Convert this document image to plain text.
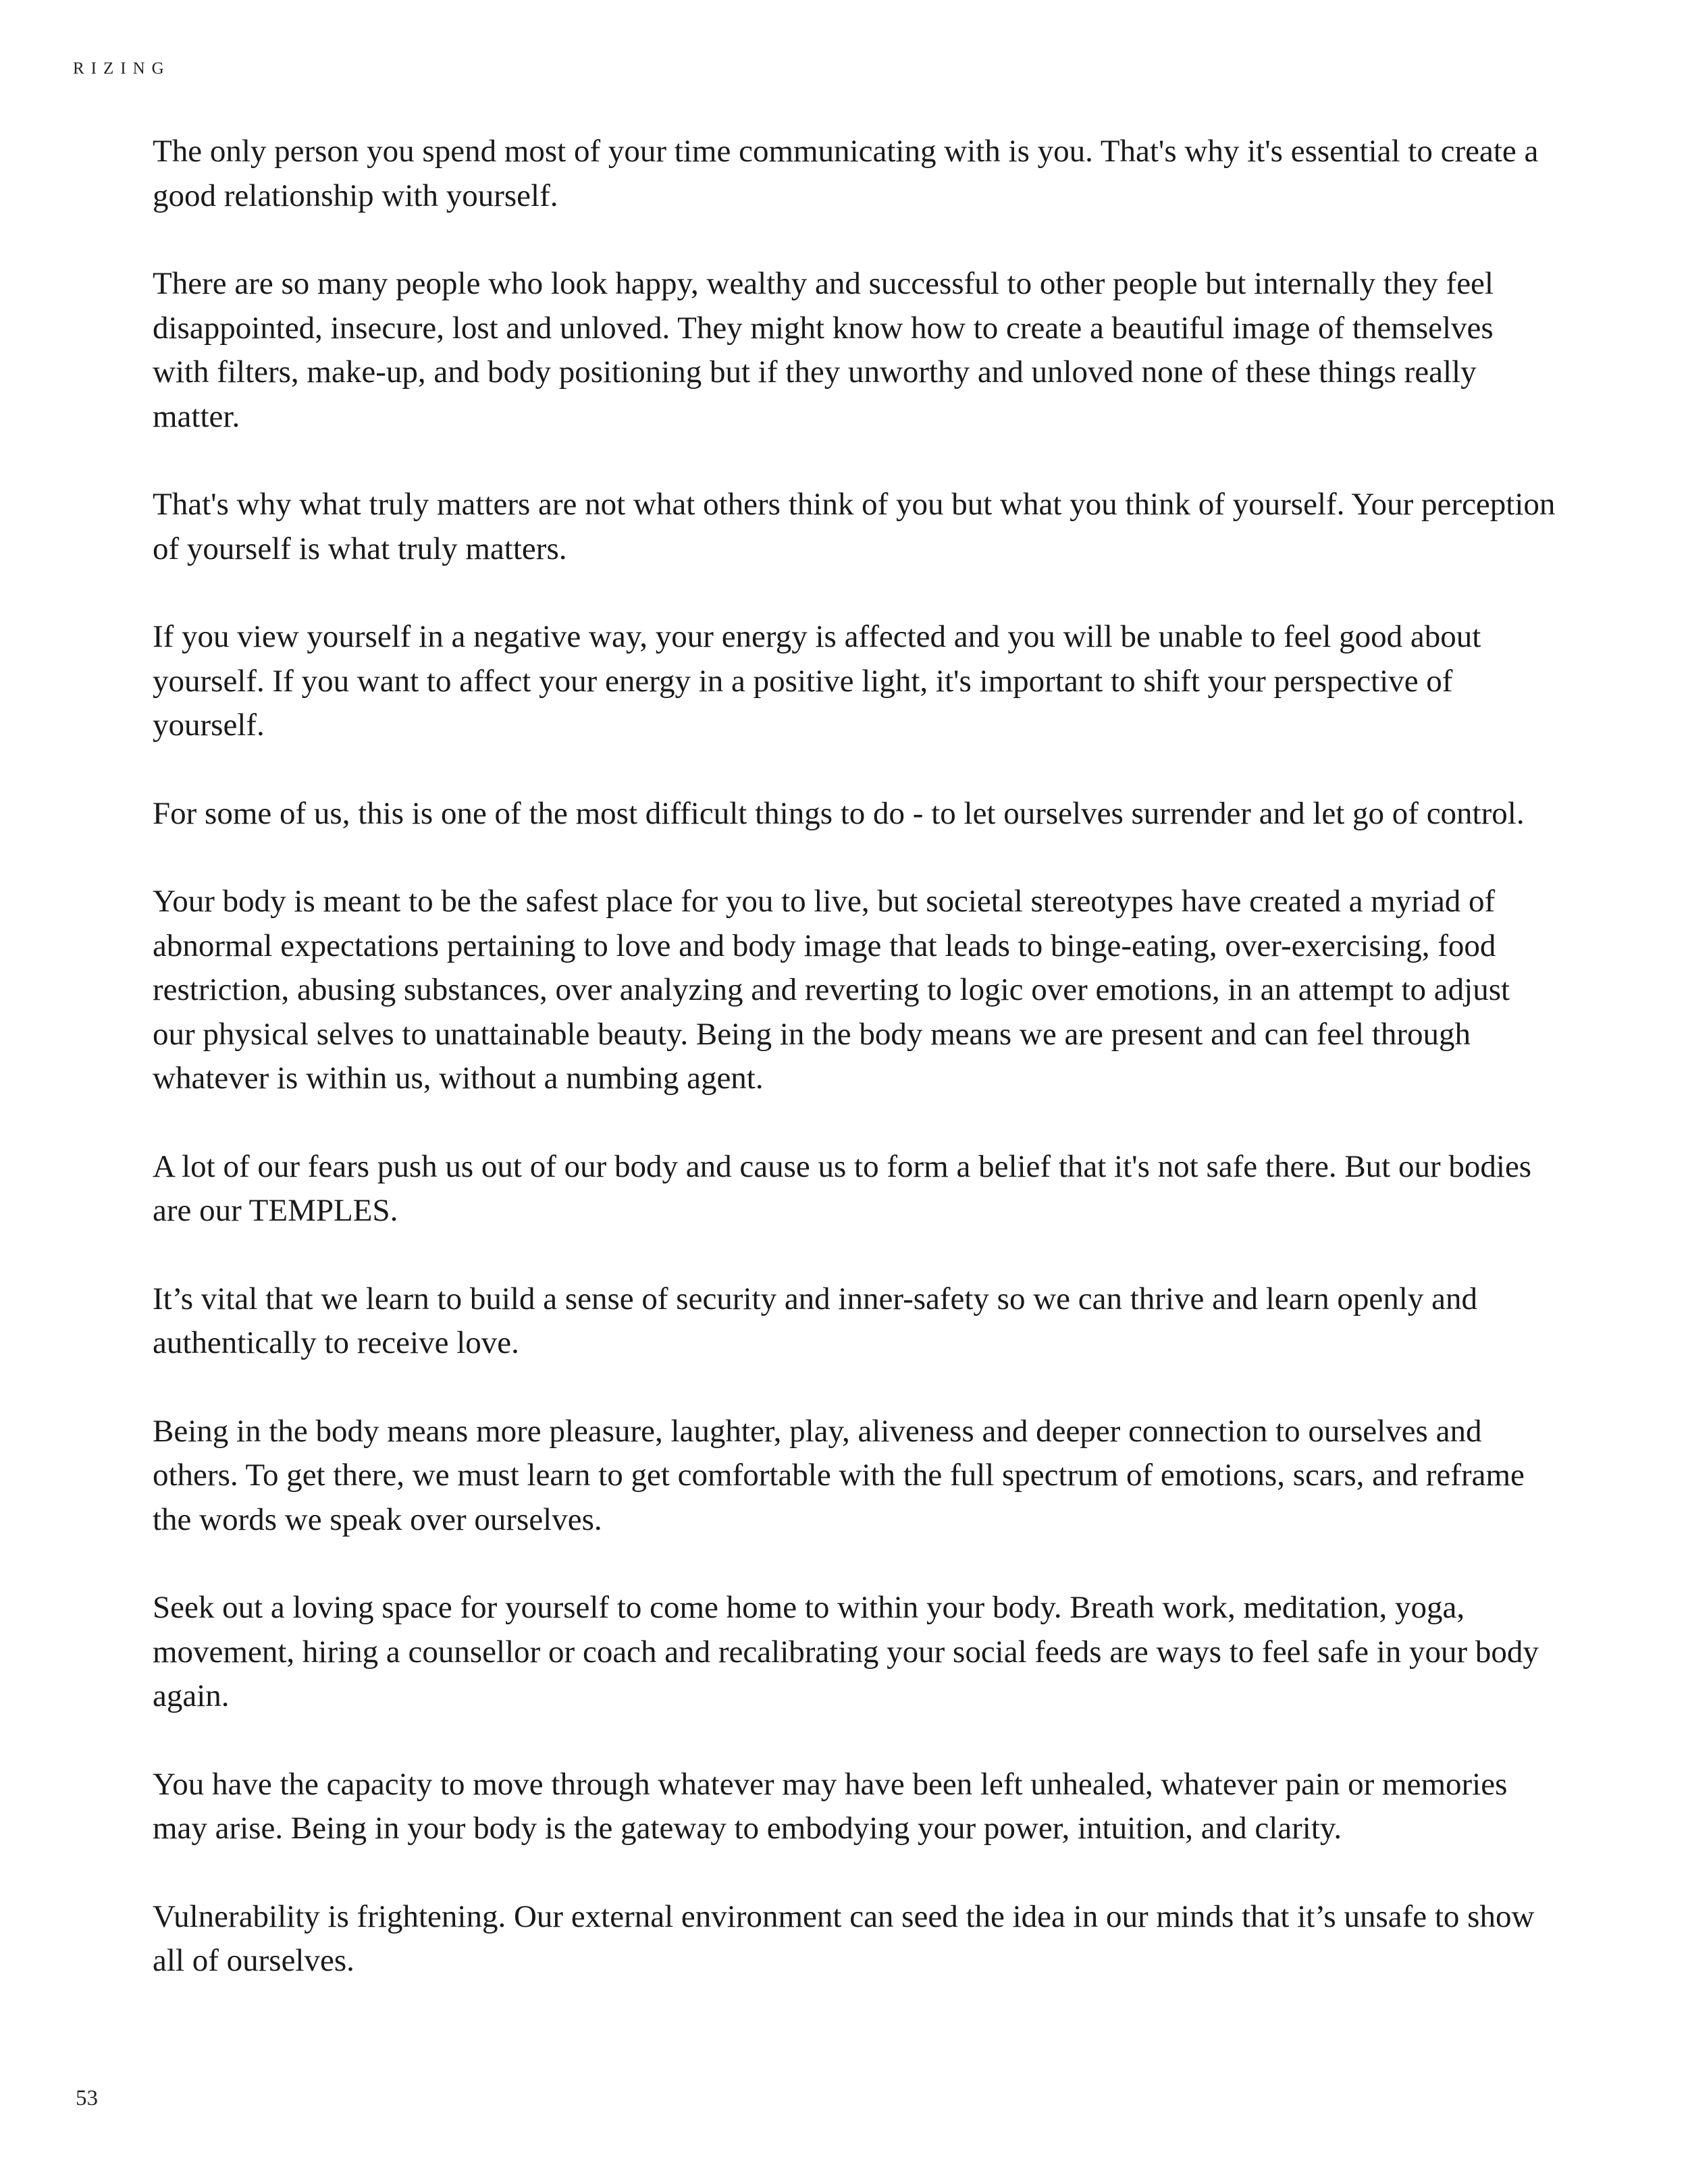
RIZING

The only person you spend most of your time communicating with is you. That's why it's essential to create a good relationship with yourself.

There are so many people who look happy, wealthy and successful to other people but internally they feel disappointed, insecure, lost and unloved. They might know how to create a beautiful image of themselves with filters, make-up, and body positioning but if they unworthy and unloved none of these things really matter.

That's why what truly matters are not what others think of you but what you think of yourself. Your perception of yourself is what truly matters.

If you view yourself in a negative way, your energy is affected and you will be unable to feel good about yourself. If you want to affect your energy in a positive light, it's important to shift your perspective of yourself.

For some of us, this is one of the most difficult things to do - to let ourselves surrender and let go of control.

Your body is meant to be the safest place for you to live, but societal stereotypes have created a myriad of abnormal expectations pertaining to love and body image that leads to binge-eating, over-exercising, food restriction, abusing substances, over analyzing and reverting to logic over emotions, in an attempt to adjust our physical selves to unattainable beauty. Being in the body means we are present and can feel through whatever is within us, without a numbing agent.

A lot of our fears push us out of our body and cause us to form a belief that it's not safe there. But our bodies are our TEMPLES.

It’s vital that we learn to build a sense of security and inner-safety so we can thrive and learn openly and authentically to receive love.

Being in the body means more pleasure, laughter, play, aliveness and deeper connection to ourselves and others. To get there, we must learn to get comfortable with the full spectrum of emotions, scars, and reframe the words we speak over ourselves.

Seek out a loving space for yourself to come home to within your body. Breath work, meditation, yoga, movement, hiring a counsellor or coach and recalibrating your social feeds are ways to feel safe in your body again.

You have the capacity to move through whatever may have been left unhealed, whatever pain or memories may arise. Being in your body is the gateway to embodying your power, intuition, and clarity.

Vulnerability is frightening. Our external environment can seed the idea in our minds that it’s unsafe to show all of ourselves.

53
